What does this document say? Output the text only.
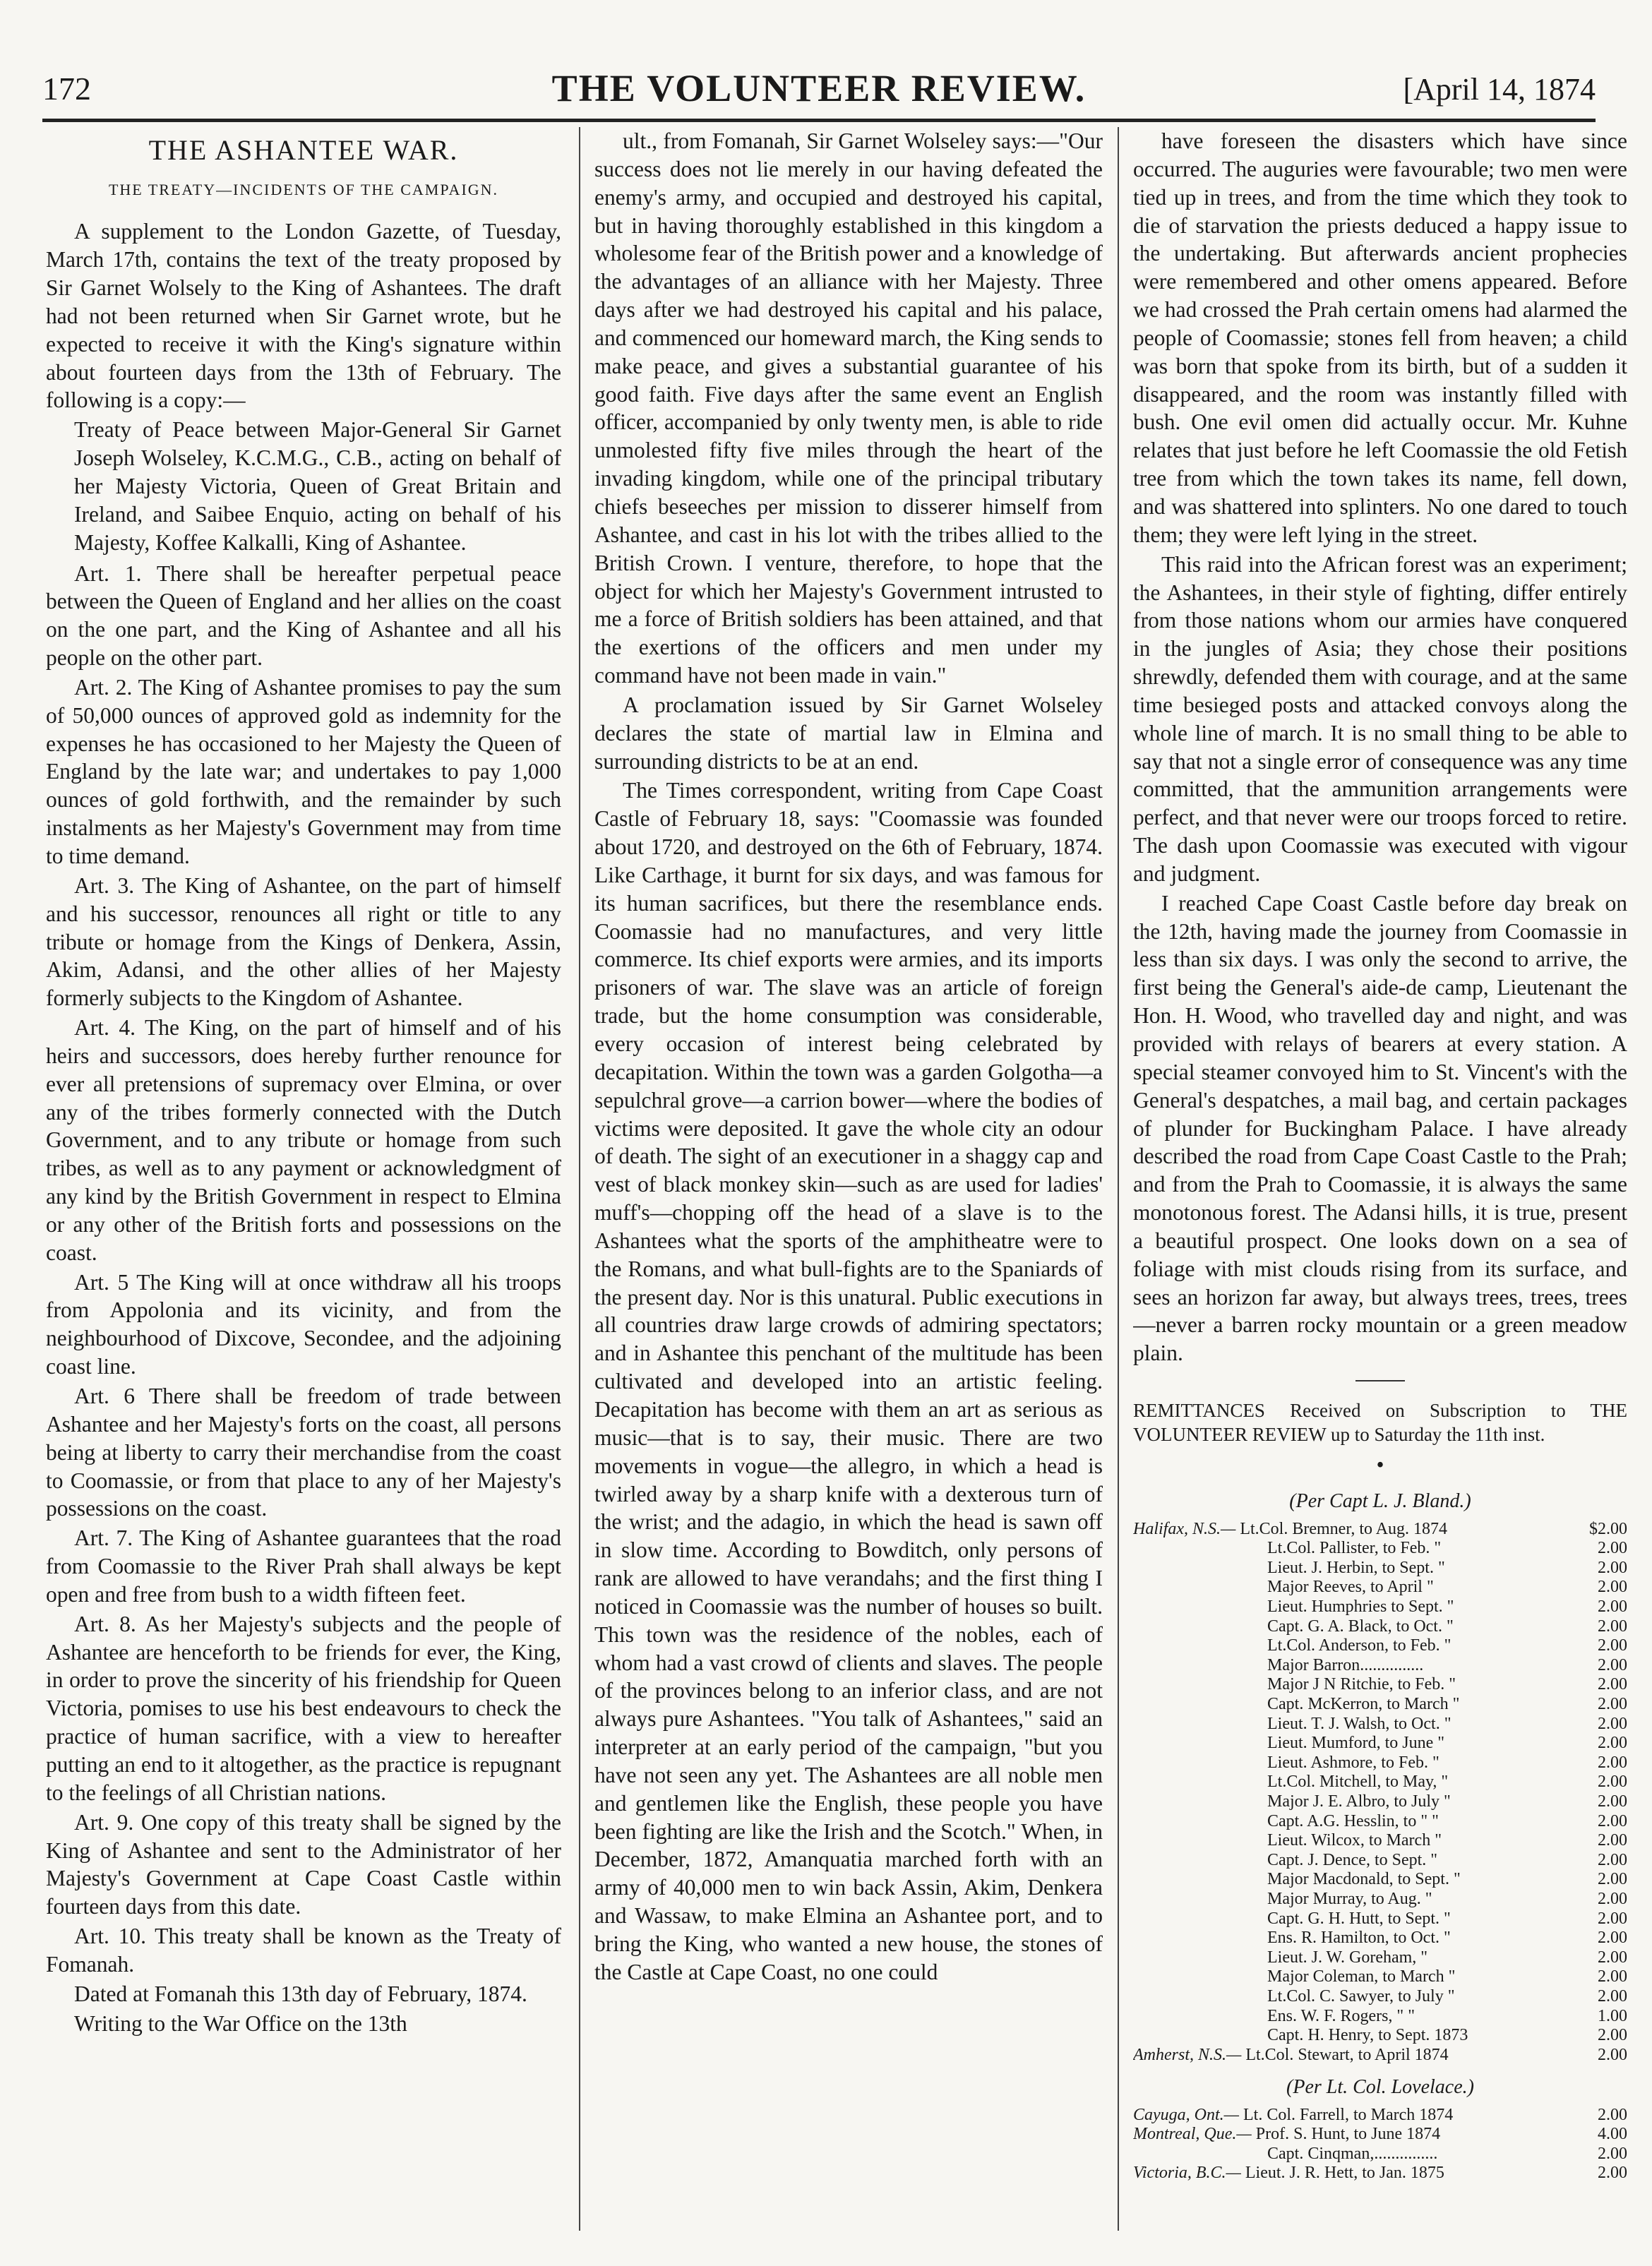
172	THE VOLUNTEER REVIEW.	[April 14, 1874
THE ASHANTEE WAR.

THE TREATY—INCIDENTS OF THE CAMPAIGN.

A supplement to the London Gazette, of Tuesday, March 17th, contains the text of the treaty proposed by Sir Garnet Wolsely to the King of Ashantees. The draft had not been returned when Sir Garnet wrote, but he expected to receive it with the King's signature within about fourteen days from the 13th of February. The following is a copy:—

Treaty of Peace between Major-General Sir Garnet Joseph Wolseley, K.C.M.G., C.B., acting on behalf of her Majesty Victoria, Queen of Great Britain and Ireland, and Saibee Enquio, acting on behalf of his Majesty, Koffee Kalkalli, King of Ashantee.

Art. 1. There shall be hereafter perpetual peace between the Queen of England and her allies on the coast on the one part, and the King of Ashantee and all his people on the other part.

Art. 2. The King of Ashantee promises to pay the sum of 50,000 ounces of approved gold as indemnity for the expenses he has occasioned to her Majesty the Queen of England by the late war; and undertakes to pay 1,000 ounces of gold forthwith, and the remainder by such instalments as her Majesty's Government may from time to time demand.

Art. 3. The King of Ashantee, on the part of himself and his successor, renounces all right or title to any tribute or homage from the Kings of Denkera, Assin, Akim, Adansi, and the other allies of her Majesty formerly subjects to the Kingdom of Ashantee.

Art. 4. The King, on the part of himself and of his heirs and successors, does hereby further renounce for ever all pretensions of supremacy over Elmina, or over any of the tribes formerly connected with the Dutch Government, and to any tribute or homage from such tribes, as well as to any payment or acknowledgment of any kind by the British Government in respect to Elmina or any other of the British forts and possessions on the coast.

Art. 5 The King will at once withdraw all his troops from Appolonia and its vicinity, and from the neighbourhood of Dixcove, Secondee, and the adjoining coast line.

Art. 6 There shall be freedom of trade between Ashantee and her Majesty's forts on the coast, all persons being at liberty to carry their merchandise from the coast to Coomassie, or from that place to any of her Majesty's possessions on the coast.

Art. 7. The King of Ashantee guarantees that the road from Coomassie to the River Prah shall always be kept open and free from bush to a width fifteen feet.

Art. 8. As her Majesty's subjects and the people of Ashantee are henceforth to be friends for ever, the King, in order to prove the sincerity of his friendship for Queen Victoria, pomises to use his best endeavours to check the practice of human sacrifice, with a view to hereafter putting an end to it altogether, as the practice is repugnant to the feelings of all Christian nations.

Art. 9. One copy of this treaty shall be signed by the King of Ashantee and sent to the Administrator of her Majesty's Government at Cape Coast Castle within fourteen days from this date.

Art. 10. This treaty shall be known as the Treaty of Fomanah.

Dated at Fomanah this 13th day of February, 1874.

Writing to the War Office on the 13th

ult., from Fomanah, Sir Garnet Wolseley says:—"Our success does not lie merely in our having defeated the enemy's army, and occupied and destroyed his capital, but in having thoroughly established in this kingdom a wholesome fear of the British power and a knowledge of the advantages of an alliance with her Majesty. Three days after we had destroyed his capital and his palace, and commenced our homeward march, the King sends to make peace, and gives a substantial guarantee of his good faith. Five days after the same event an English officer, accompanied by only twenty men, is able to ride unmolested fifty five miles through the heart of the invading kingdom, while one of the principal tributary chiefs beseeches per mission to disserer himself from Ashantee, and cast in his lot with the tribes allied to the British Crown. I venture, therefore, to hope that the object for which her Majesty's Government intrusted to me a force of British soldiers has been attained, and that the exertions of the officers and men under my command have not been made in vain."

A proclamation issued by Sir Garnet Wolseley declares the state of martial law in Elmina and surrounding districts to be at an end.

The Times correspondent, writing from Cape Coast Castle of February 18, says: "Coomassie was founded about 1720, and destroyed on the 6th of February, 1874. Like Carthage, it burnt for six days, and was famous for its human sacrifices, but there the resemblance ends. Coomassie had no manufactures, and very little commerce. Its chief exports were armies, and its imports prisoners of war. The slave was an article of foreign trade, but the home consumption was considerable, every occasion of interest being celebrated by decapitation. Within the town was a garden Golgotha—a sepulchral grove—a carrion bower—where the bodies of victims were deposited. It gave the whole city an odour of death. The sight of an executioner in a shaggy cap and vest of black monkey skin—such as are used for ladies' muff's—chopping off the head of a slave is to the Ashantees what the sports of the amphitheatre were to the Romans, and what bull-fights are to the Spaniards of the present day. Nor is this unatural. Public executions in all countries draw large crowds of admiring spectators; and in Ashantee this penchant of the multitude has been cultivated and developed into an artistic feeling. Decapitation has become with them an art as serious as music—that is to say, their music. There are two movements in vogue—the allegro, in which a head is twirled away by a sharp knife with a dexterous turn of the wrist; and the adagio, in which the head is sawn off in slow time. According to Bowditch, only persons of rank are allowed to have verandahs; and the first thing I noticed in Coomassie was the number of houses so built. This town was the residence of the nobles, each of whom had a vast crowd of clients and slaves. The people of the provinces belong to an inferior class, and are not always pure Ashantees. "You talk of Ashantees," said an interpreter at an early period of the campaign, "but you have not seen any yet. The Ashantees are all noble men and gentlemen like the English, these people you have been fighting are like the Irish and the Scotch." When, in December, 1872, Amanquatia marched forth with an army of 40,000 men to win back Assin, Akim, Denkera and Wassaw, to make Elmina an Ashantee port, and to bring the King, who wanted a new house, the stones of the Castle at Cape Coast, no one could

have foreseen the disasters which have since occurred. The auguries were favourable; two men were tied up in trees, and from the time which they took to die of starvation the priests deduced a happy issue to the undertaking. But afterwards ancient prophecies were remembered and other omens appeared. Before we had crossed the Prah certain omens had alarmed the people of Coomassie; stones fell from heaven; a child was born that spoke from its birth, but of a sudden it disappeared, and the room was instantly filled with bush. One evil omen did actually occur. Mr. Kuhne relates that just before he left Coomassie the old Fetish tree from which the town takes its name, fell down, and was shattered into splinters. No one dared to touch them; they were left lying in the street.

This raid into the African forest was an experiment; the Ashantees, in their style of fighting, differ entirely from those nations whom our armies have conquered in the jungles of Asia; they chose their positions shrewdly, defended them with courage, and at the same time besieged posts and attacked convoys along the whole line of march. It is no small thing to be able to say that not a single error of consequence was any time committed, that the ammunition arrangements were perfect, and that never were our troops forced to retire. The dash upon Coomassie was executed with vigour and judgment.

I reached Cape Coast Castle before day break on the 12th, having made the journey from Coomassie in less than six days. I was only the second to arrive, the first being the General's aide-de camp, Lieutenant the Hon. H. Wood, who travelled day and night, and was provided with relays of bearers at every station. A special steamer convoyed him to St. Vincent's with the General's despatches, a mail bag, and certain packages of plunder for Buckingham Palace. I have already described the road from Cape Coast Castle to the Prah; and from the Prah to Coomassie, it is always the same monotonous forest. The Adansi hills, it is true, present a beautiful prospect. One looks down on a sea of foliage with mist clouds rising from its surface, and sees an horizon far away, but always trees, trees, trees—never a barren rocky mountain or a green meadow plain.

REMITTANCES Received on Subscription to THE VOLUNTEER REVIEW up to Saturday the 11th inst.

•

(Per Capt L. J. Bland.)

Halifax, N.S.— Lt.Col. Bremner, to Aug. 1874	$2.00
Lt.Col. Pallister, to Feb. "	2.00
Lieut. J. Herbin, to Sept. "	2.00
Major Reeves, to April "	2.00
Lieut. Humphries to Sept. "	2.00
Capt. G. A. Black, to Oct. "	2.00
Lt.Col. Anderson, to Feb. "	2.00
Major Barron...............	2.00
Major J N Ritchie, to Feb. "	2.00
Capt. McKerron, to March "	2.00
Lieut. T. J. Walsh, to Oct. "	2.00
Lieut. Mumford, to June "	2.00
Lieut. Ashmore, to Feb. "	2.00
Lt.Col. Mitchell, to May, "	2.00
Major J. E. Albro, to July "	2.00
Capt. A.G. Hesslin, to " "	2.00
Lieut. Wilcox, to March "	2.00
Capt. J. Dence, to Sept. "	2.00
Major Macdonald, to Sept. "	2.00
Major Murray, to Aug. "	2.00
Capt. G. H. Hutt, to Sept. "	2.00
Ens. R. Hamilton, to Oct. "	2.00
Lieut. J. W. Goreham, "	2.00
Major Coleman, to March "	2.00
Lt.Col. C. Sawyer, to July "	2.00
Ens. W. F. Rogers, " "	1.00
Capt. H. Henry, to Sept. 1873	2.00
Amherst, N.S.— Lt.Col. Stewart, to April 1874	2.00

(Per Lt. Col. Lovelace.)

Cayuga, Ont.— Lt. Col. Farrell, to March 1874	2.00
Montreal, Que.— Prof. S. Hunt, to June 1874	4.00
Capt. Cinqman,...............	2.00
Victoria, B.C.— Lieut. J. R. Hett, to Jan. 1875	2.00
